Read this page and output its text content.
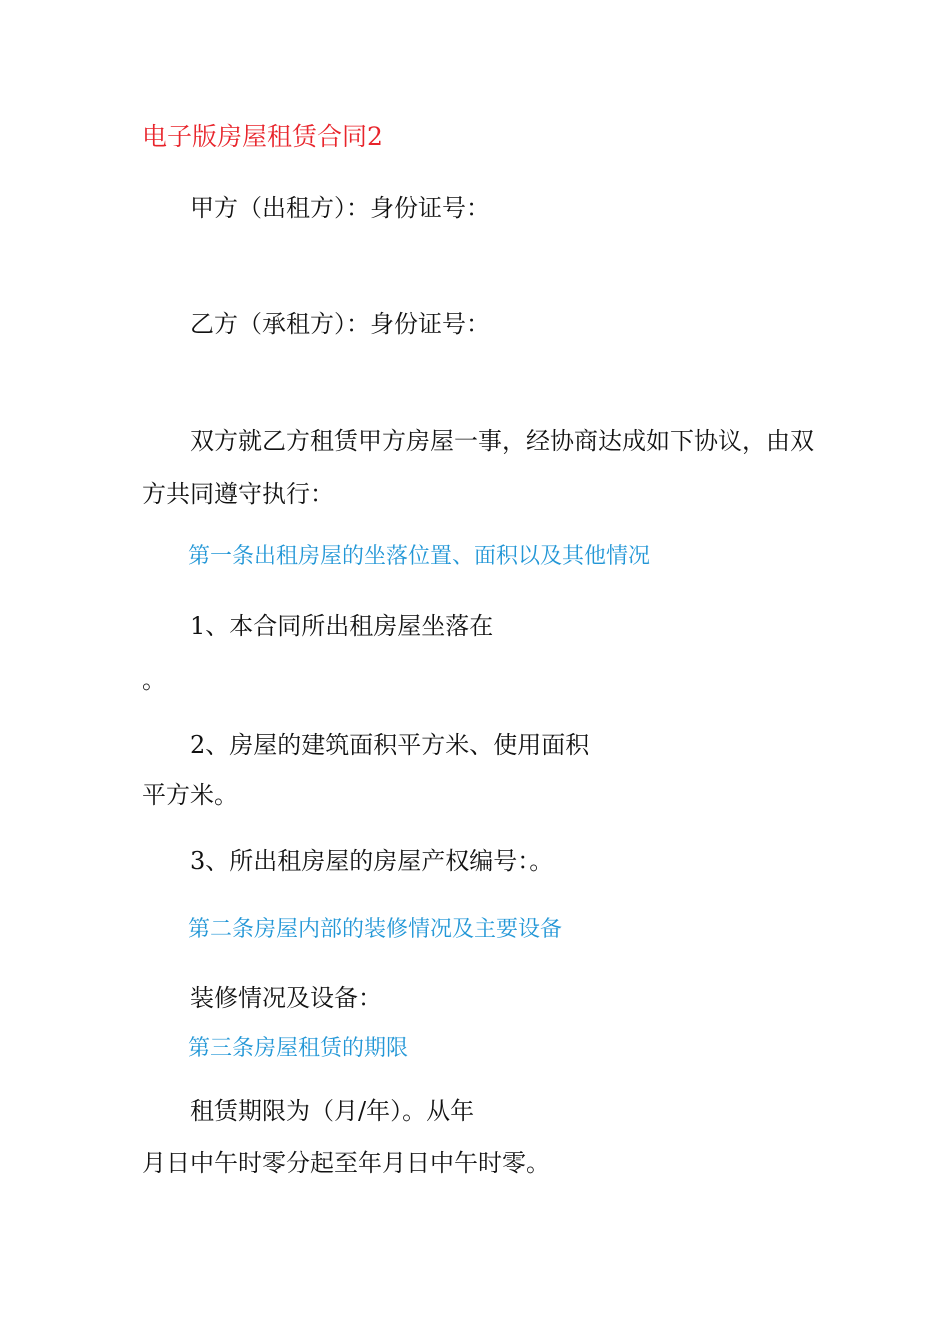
电子版房屋租赁合同2
甲方（出租方）：身份证号：
乙方（承租方）：身份证号：
双方就乙方租赁甲方房屋一事，经协商达成如下协议，由双
方共同遵守执行：
第一条出租房屋的坐落位置、面积以及其他情况
1、本合同所出租房屋坐落在
。
2、房屋的建筑面积平方米、使用面积
平方米。
3、所出租房屋的房屋产权编号：。
第二条房屋内部的装修情况及主要设备
装修情况及设备：
第三条房屋租赁的期限
租赁期限为（月/年）。从年
月日中午时零分起至年月日中午时零。
